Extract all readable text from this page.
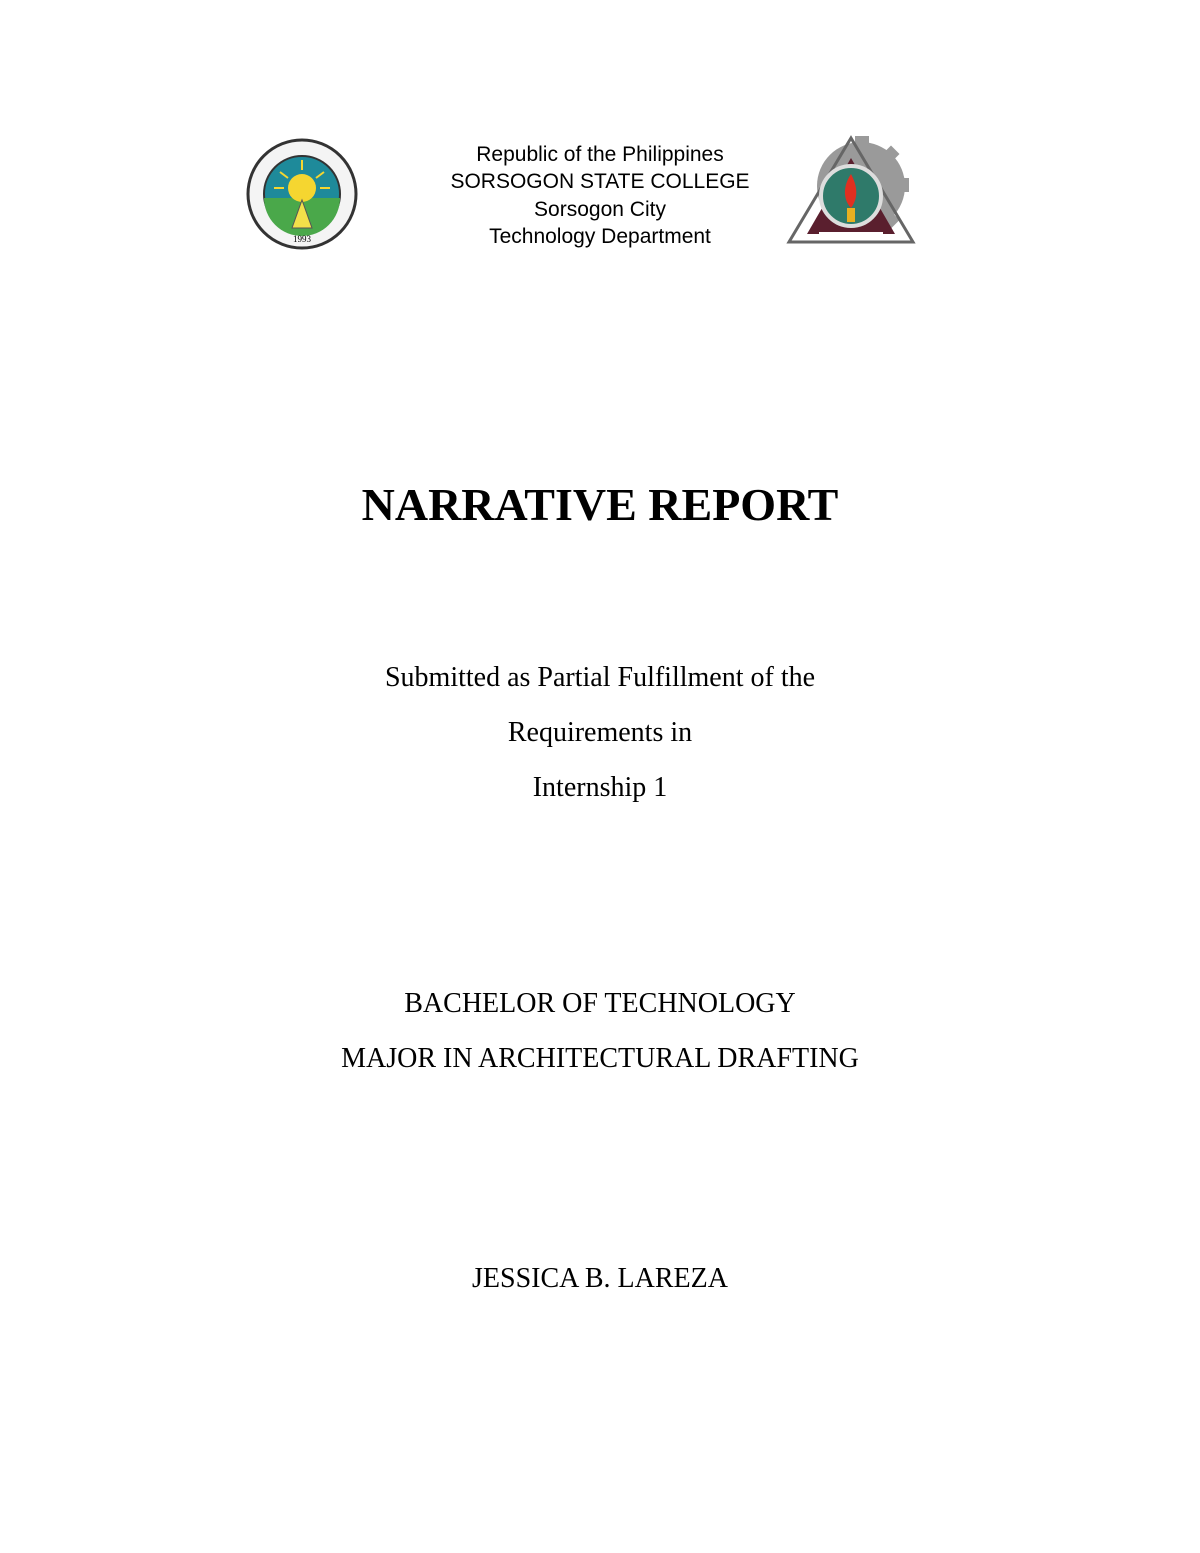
1993
Republic of the Philippines
SORSOGON STATE COLLEGE
Sorsogon City
Technology Department
NARRATIVE REPORT
Submitted as Partial Fulfillment of the
Requirements in
Internship 1
BACHELOR OF TECHNOLOGY
MAJOR IN ARCHITECTURAL DRAFTING
JESSICA B. LAREZA
